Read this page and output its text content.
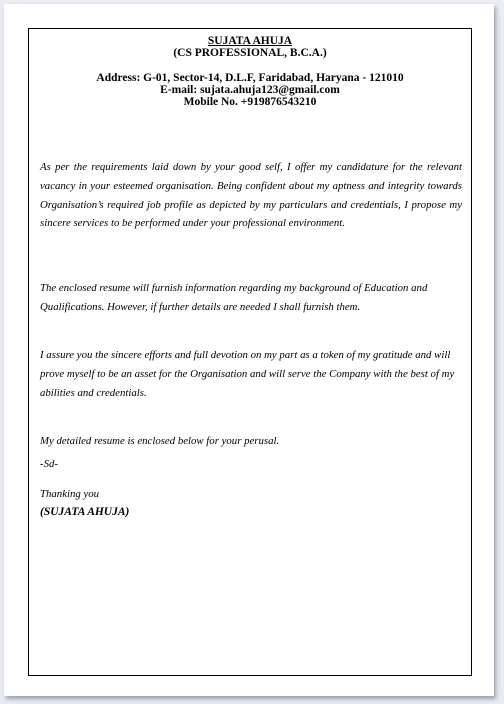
SUJATA AHUJA
(CS PROFESSIONAL, B.C.A.)
Address: G-01, Sector-14, D.L.F, Faridabad, Haryana - 121010
E-mail: sujata.ahuja123@gmail.com
Mobile No. +919876543210

As per the requirements laid down by your good self, I offer my candidature for the relevant vacancy in your esteemed organisation. Being confident about my aptness and integrity towards Organisation’s required job profile as depicted by my particulars and credentials, I propose my sincere services to be performed under your professional environment.

The enclosed resume will furnish information regarding my background of Education and Qualifications. However, if further details are needed I shall furnish them.

I assure you the sincere efforts and full devotion on my part as a token of my gratitude and will prove myself to be an asset for the Organisation and will serve the Company with the best of my abilities and credentials.

My detailed resume is enclosed below for your perusal.

-Sd-

Thanking you

(SUJATA AHUJA)
